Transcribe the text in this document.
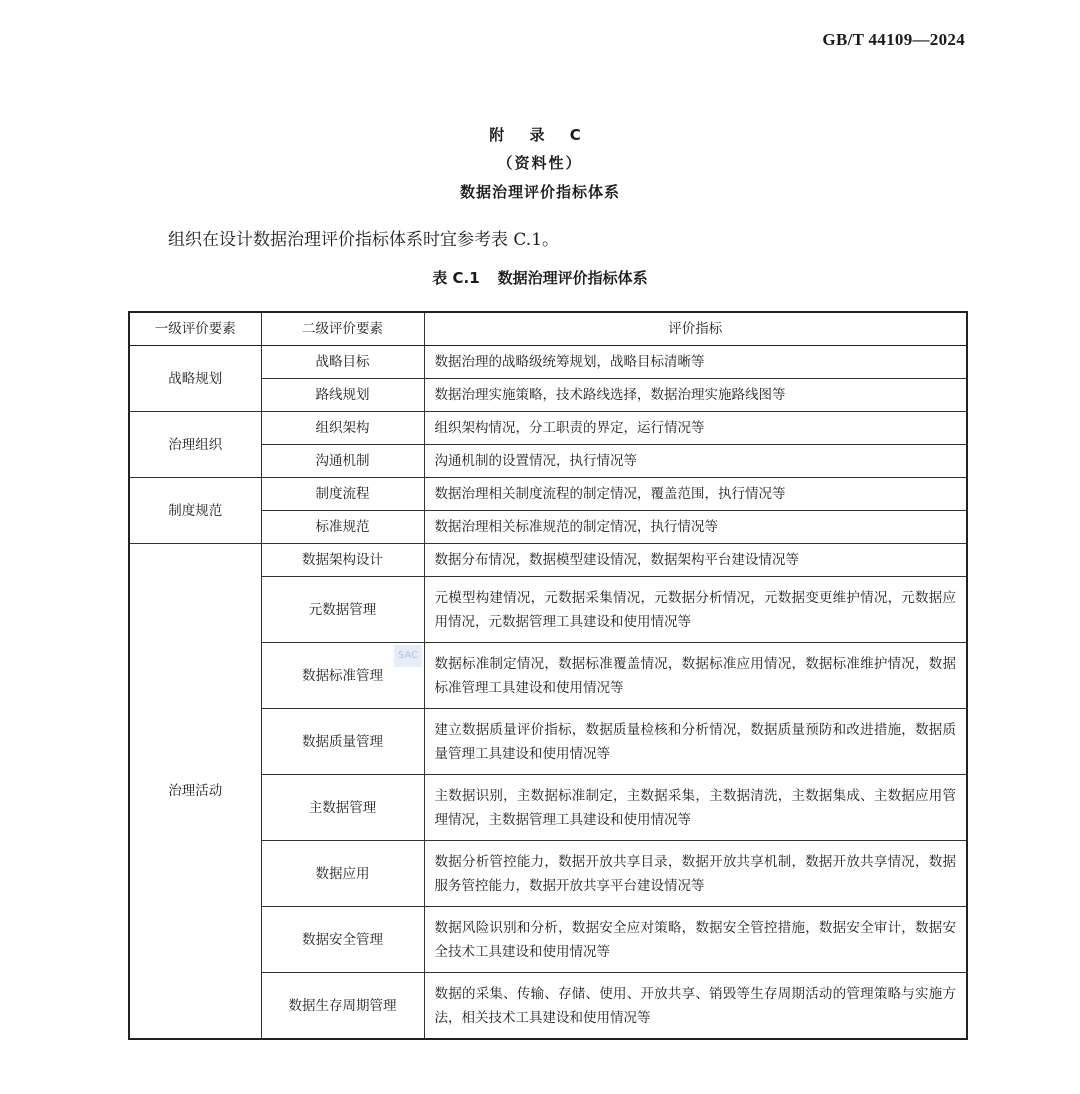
GB/T 44109—2024
附 录 C
（资料性）
数据治理评价指标体系
组织在设计数据治理评价指标体系时宜参考表 C.1。
表 C.1 数据治理评价指标体系
一级评价要素	二级评价要素	评价指标
战略规划	战略目标	数据治理的战略级统筹规划，战略目标清晰等
	路线规划	数据治理实施策略，技术路线选择，数据治理实施路线图等
治理组织	组织架构	组织架构情况，分工职责的界定，运行情况等
	沟通机制	沟通机制的设置情况，执行情况等
制度规范	制度流程	数据治理相关制度流程的制定情况，覆盖范围，执行情况等
	标准规范	数据治理相关标准规范的制定情况，执行情况等
治理活动	数据架构设计	数据分布情况，数据模型建设情况，数据架构平台建设情况等
	元数据管理	元模型构建情况，元数据采集情况，元数据分析情况，元数据变更维护情况，元数据应用情况，元数据管理工具建设和使用情况等
	数据标准管理	数据标准制定情况，数据标准覆盖情况，数据标准应用情况，数据标准维护情况，数据标准管理工具建设和使用情况等
	数据质量管理	建立数据质量评价指标，数据质量检核和分析情况，数据质量预防和改进措施，数据质量管理工具建设和使用情况等
	主数据管理	主数据识别，主数据标准制定，主数据采集，主数据清洗，主数据集成、主数据应用管理情况，主数据管理工具建设和使用情况等
	数据应用	数据分析管控能力，数据开放共享目录，数据开放共享机制，数据开放共享情况，数据服务管控能力，数据开放共享平台建设情况等
	数据安全管理	数据风险识别和分析，数据安全应对策略，数据安全管控措施，数据安全审计，数据安全技术工具建设和使用情况等
	数据生存周期管理	数据的采集、传输、存储、使用、开放共享、销毁等生存周期活动的管理策略与实施方法，相关技术工具建设和使用情况等
SAC
